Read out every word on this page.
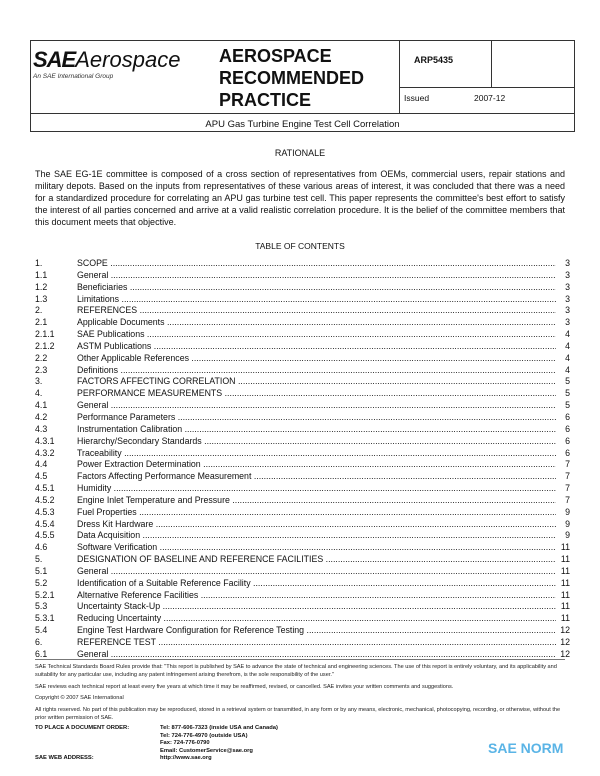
SAEAerospace
An SAE International Group
AEROSPACE
RECOMMENDED
PRACTICE
ARP5435
Issued	2007-12
APU Gas Turbine Engine Test Cell Correlation
RATIONALE
The SAE EG-1E committee is composed of a cross section of representatives from OEMs, commercial users, repair stations and military depots. Based on the inputs from representatives of these various areas of interest, it was concluded that there was a need for a standardized procedure for correlating an APU gas turbine test cell. This paper represents the committee's best effort to satisfy the interest of all parties concerned and arrive at a valid realistic correlation procedure. It is the belief of the committee members that this document meets that objective.
TABLE OF CONTENTS
1.	SCOPE .....	3
1.1	General .....	3
1.2	Beneficiaries .....	3
1.3	Limitations .....	3
2.	REFERENCES .....	3
2.1	Applicable Documents .....	3
2.1.1	SAE Publications .....	4
2.1.2	ASTM Publications .....	4
2.2	Other Applicable References .....	4
2.3	Definitions .....	4
3.	FACTORS AFFECTING CORRELATION .....	5
4.	PERFORMANCE MEASUREMENTS .....	5
4.1	General .....	5
4.2	Performance Parameters .....	6
4.3	Instrumentation Calibration .....	6
4.3.1	Hierarchy/Secondary Standards .....	6
4.3.2	Traceability .....	6
4.4	Power Extraction Determination .....	7
4.5	Factors Affecting Performance Measurement .....	7
4.5.1	Humidity .....	7
4.5.2	Engine Inlet Temperature and Pressure .....	7
4.5.3	Fuel Properties .....	9
4.5.4	Dress Kit Hardware .....	9
4.5.5	Data Acquisition .....	9
4.6	Software Verification .....	11
5.	DESIGNATION OF BASELINE AND REFERENCE FACILITIES .....	11
5.1	General .....	11
5.2	Identification of a Suitable Reference Facility .....	11
5.2.1	Alternative Reference Facilities .....	11
5.3	Uncertainty Stack-Up .....	11
5.3.1	Reducing Uncertainty .....	11
5.4	Engine Test Hardware Configuration for Reference Testing .....	12
6.	REFERENCE TEST .....	12
6.1	General .....	12
SAE Technical Standards Board Rules provide that: "This report is published by SAE to advance the state of technical and engineering sciences. The use of this report is entirely voluntary, and its applicability and suitability for any particular use, including any patent infringement arising therefrom, is the sole responsibility of the user."
SAE reviews each technical report at least every five years at which time it may be reaffirmed, revised, or cancelled. SAE invites your written comments and suggestions.
Copyright © 2007 SAE International
All rights reserved. No part of this publication may be reproduced, stored in a retrieval system or transmitted, in any form or by any means, electronic, mechanical, photocopying, recording, or otherwise, without the prior written permission of SAE.
TO PLACE A DOCUMENT ORDER:	Tel: 877-606-7323 (inside USA and Canada)
Tel: 724-776-4970 (outside USA)
Fax: 724-776-0790
Email: CustomerService@sae.org
http://www.sae.org
SAE WEB ADDRESS:
SAE NORM
